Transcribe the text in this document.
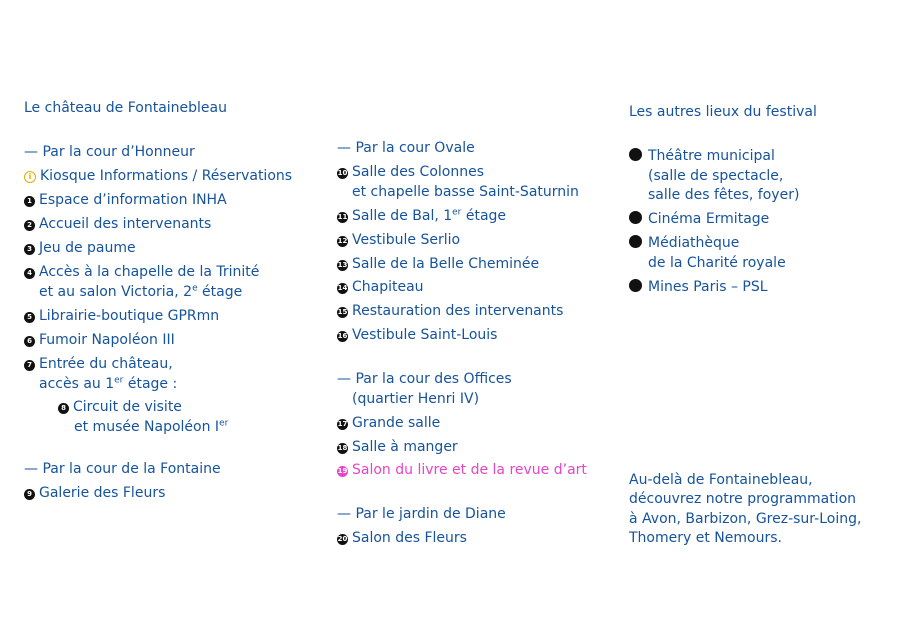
Le château de Fontainebleau
— Par la cour d’Honneur
i Kiosque Informations / Réservations
1 Espace d’information INHA
2 Accueil des intervenants
3 Jeu de paume
4 Accès à la chapelle de la Trinité
et au salon Victoria, 2e étage
5 Librairie-boutique GPRmn
6 Fumoir Napoléon III
7 Entrée du château,
accès au 1er étage :
8 Circuit de visite
et musée Napoléon Ier
— Par la cour de la Fontaine
9 Galerie des Fleurs
— Par la cour Ovale
10 Salle des Colonnes
et chapelle basse Saint-Saturnin
11 Salle de Bal, 1er étage
12 Vestibule Serlio
13 Salle de la Belle Cheminée
14 Chapiteau
15 Restauration des intervenants
16 Vestibule Saint-Louis
— Par la cour des Offices
(quartier Henri IV)
17 Grande salle
18 Salle à manger
19 Salon du livre et de la revue d’art
— Par le jardin de Diane
20 Salon des Fleurs
Les autres lieux du festival
Théâtre municipal
(salle de spectacle,
salle des fêtes, foyer)
Cinéma Ermitage
Médiathèque
de la Charité royale
Mines Paris – PSL
Au-delà de Fontainebleau,
découvrez notre programmation
à Avon, Barbizon, Grez-sur-Loing,
Thomery et Nemours.
